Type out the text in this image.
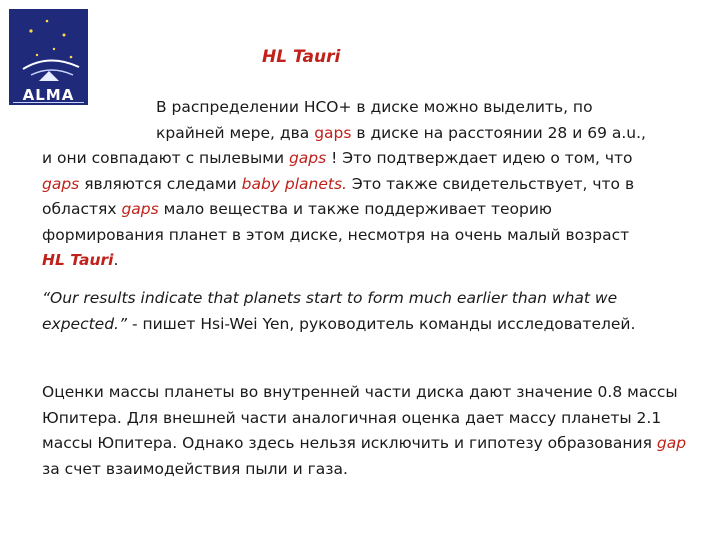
ALMA
HL Tauri

В распределении HCO+ в диске можно выделить, по
крайней мере, два gaps в диске на расстоянии 28 и 69 a.u.,
и они совпадают с пылевыми gaps ! Это подтверждает идею о том, что
gaps являются следами baby planets. Это также свидетельствует, что в
областях gaps мало вещества и также поддерживает теорию
формирования планет в этом диске, несмотря на очень малый возраст
HL Tauri.

“Our results indicate that planets start to form much earlier than what we expected.” - пишет Hsi-Wei Yen, руководитель команды исследователей.

Оценки массы планеты во внутренней части диска дают значение 0.8 массы Юпитера. Для внешней части аналогичная оценка дает массу планеты 2.1 массы Юпитера. Однако здесь нельзя исключить и гипотезу образования gap за счет взаимодействия пыли и газа.
